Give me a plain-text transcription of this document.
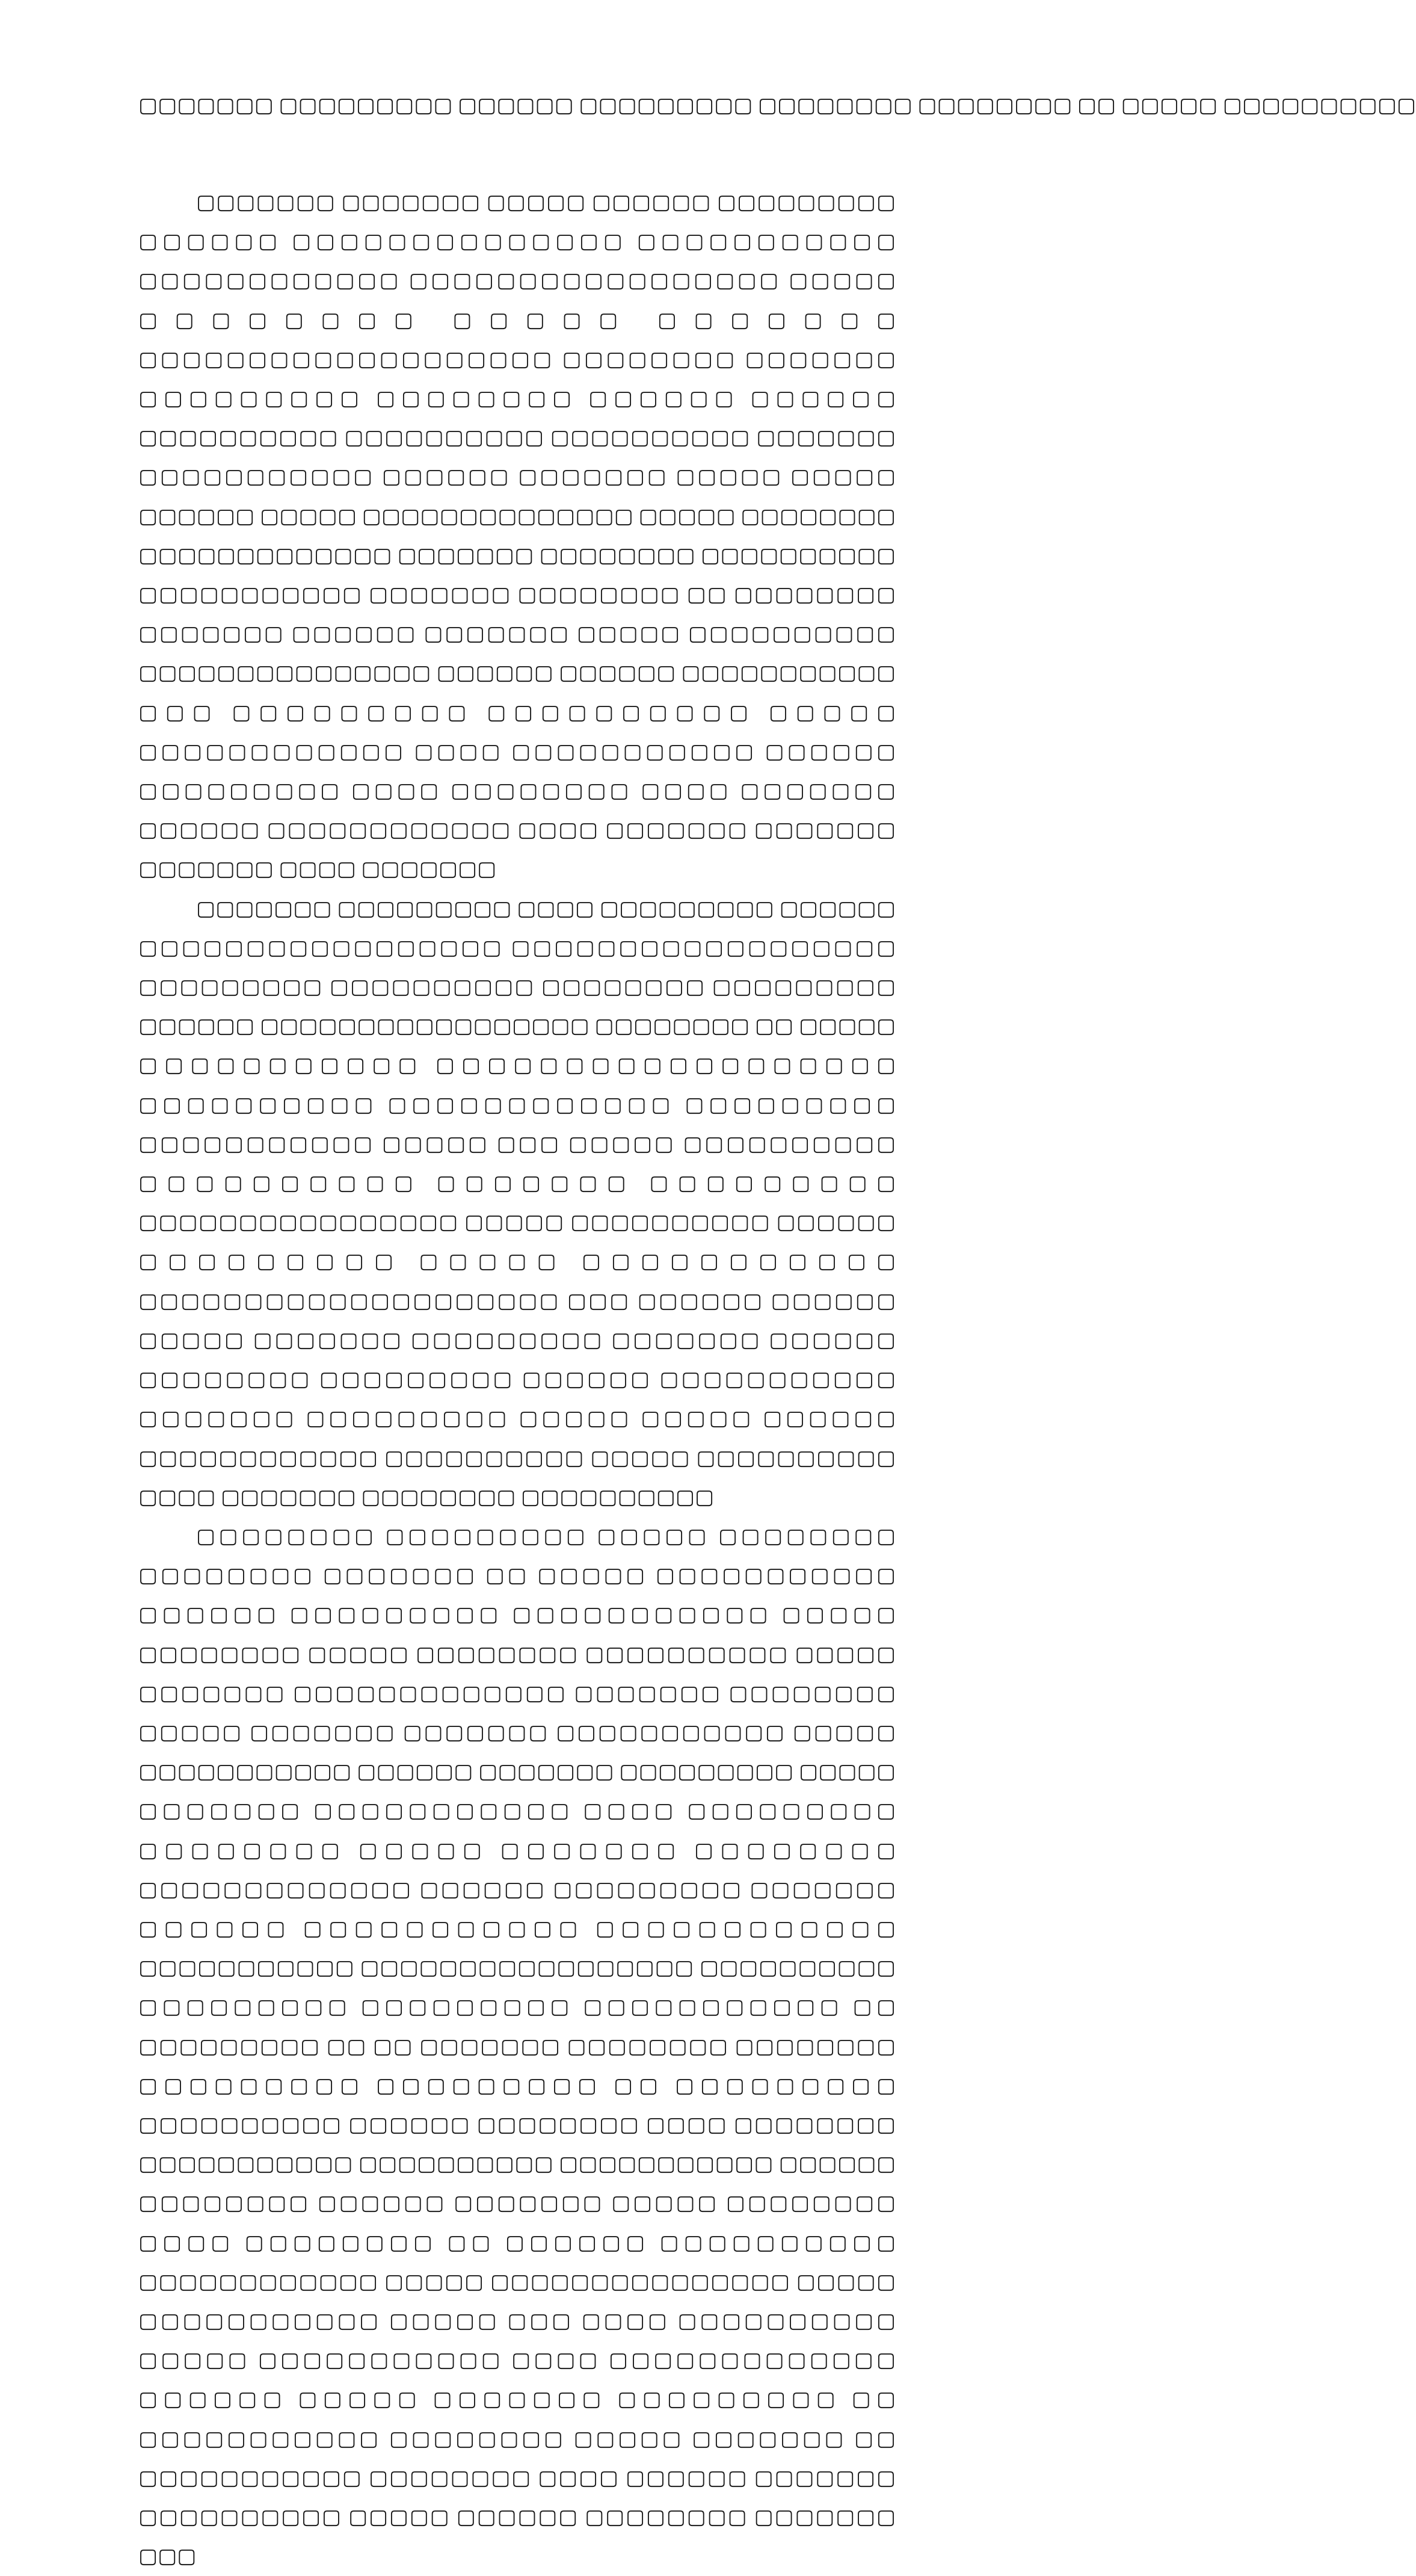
▢▢▢▢▢▢▢ ▢▢▢▢▢▢▢▢▢ ▢▢▢▢▢▢ ▢▢▢▢▢▢▢▢▢ ▢▢▢▢▢▢▢▢ ▢▢▢▢▢▢▢▢ ▢▢ ▢▢▢▢▢ ▢▢▢▢▢▢▢▢▢▢

▢▢▢▢▢▢▢ ▢▢▢▢▢▢▢ ▢▢▢▢▢ ▢▢▢▢▢▢ ▢▢▢▢▢▢▢▢▢ ▢▢▢▢▢▢ ▢▢▢▢▢▢▢▢▢▢▢▢▢▢ ▢▢▢▢▢▢▢▢▢▢▢ ▢▢▢▢▢▢▢▢▢▢▢▢ ▢▢▢▢▢▢▢▢▢▢▢▢▢▢▢▢▢ ▢▢▢▢▢ ▢▢▢▢▢▢▢▢ ▢▢▢▢▢ ▢▢▢▢▢▢▢ ▢▢▢▢▢▢▢▢▢▢▢▢▢▢▢▢▢▢▢ ▢▢▢▢▢▢▢▢ ▢▢▢▢▢▢▢ ▢▢▢▢▢▢▢▢▢ ▢▢▢▢▢▢▢▢ ▢▢▢▢▢▢ ▢▢▢▢▢▢ ▢▢▢▢▢▢▢▢▢▢ ▢▢▢▢▢▢▢▢▢▢ ▢▢▢▢▢▢▢▢▢▢ ▢▢▢▢▢▢▢ ▢▢▢▢▢▢▢▢▢▢▢ ▢▢▢▢▢▢ ▢▢▢▢▢▢▢ ▢▢▢▢▢ ▢▢▢▢▢ ▢▢▢▢▢▢ ▢▢▢▢▢ ▢▢▢▢▢▢▢▢▢▢▢▢▢▢ ▢▢▢▢▢ ▢▢▢▢▢▢▢▢ ▢▢▢▢▢▢▢▢▢▢▢▢▢ ▢▢▢▢▢▢▢ ▢▢▢▢▢▢▢▢ ▢▢▢▢▢▢▢▢▢▢ ▢▢▢▢▢▢▢▢▢▢▢ ▢▢▢▢▢▢▢ ▢▢▢▢▢▢▢▢ ▢▢ ▢▢▢▢▢▢▢▢ ▢▢▢▢▢▢▢ ▢▢▢▢▢▢ ▢▢▢▢▢▢▢ ▢▢▢▢▢ ▢▢▢▢▢▢▢▢▢▢ ▢▢▢▢▢▢▢▢▢▢▢▢▢▢▢ ▢▢▢▢▢▢ ▢▢▢▢▢▢ ▢▢▢▢▢▢▢▢▢▢▢ ▢▢▢ ▢▢▢▢▢▢▢▢▢ ▢▢▢▢▢▢▢▢▢▢ ▢▢▢▢▢ ▢▢▢▢▢▢▢▢▢▢▢▢ ▢▢▢▢ ▢▢▢▢▢▢▢▢▢▢▢ ▢▢▢▢▢▢ ▢▢▢▢▢▢▢▢▢ ▢▢▢▢ ▢▢▢▢▢▢▢▢ ▢▢▢▢ ▢▢▢▢▢▢▢ ▢▢▢▢▢▢ ▢▢▢▢▢▢▢▢▢▢▢▢ ▢▢▢▢ ▢▢▢▢▢▢▢ ▢▢▢▢▢▢▢ ▢▢▢▢▢▢▢ ▢▢▢▢ ▢▢▢▢▢▢▢

▢▢▢▢▢▢▢ ▢▢▢▢▢▢▢▢▢ ▢▢▢▢ ▢▢▢▢▢▢▢▢▢ ▢▢▢▢▢▢ ▢▢▢▢▢▢▢▢▢▢▢▢▢▢▢▢▢ ▢▢▢▢▢▢▢▢▢▢▢▢▢▢▢▢▢▢ ▢▢▢▢▢▢▢▢▢ ▢▢▢▢▢▢▢▢▢▢ ▢▢▢▢▢▢▢▢ ▢▢▢▢▢▢▢▢▢ ▢▢▢▢▢▢ ▢▢▢▢▢▢▢▢▢▢▢▢▢▢▢▢▢ ▢▢▢▢▢▢▢▢ ▢▢ ▢▢▢▢▢ ▢▢▢▢▢▢▢▢▢▢▢ ▢▢▢▢▢▢▢▢▢▢▢▢▢▢▢▢▢▢ ▢▢▢▢▢▢▢▢▢▢ ▢▢▢▢▢▢▢▢▢▢▢▢ ▢▢▢▢▢▢▢▢▢ ▢▢▢▢▢▢▢▢▢▢▢ ▢▢▢▢▢ ▢▢▢ ▢▢▢▢▢ ▢▢▢▢▢▢▢▢▢▢ ▢▢▢▢▢▢▢▢▢▢ ▢▢▢▢▢▢▢ ▢▢▢▢▢▢▢▢▢ ▢▢▢▢▢▢▢▢▢▢▢▢▢▢▢▢ ▢▢▢▢▢ ▢▢▢▢▢▢▢▢▢▢ ▢▢▢▢▢▢ ▢▢▢▢▢▢▢▢▢ ▢▢▢▢▢ ▢▢▢▢▢▢▢▢▢▢▢ ▢▢▢▢▢▢▢▢▢▢▢▢▢▢▢▢▢▢▢▢ ▢▢▢ ▢▢▢▢▢▢ ▢▢▢▢▢▢ ▢▢▢▢▢ ▢▢▢▢▢▢▢ ▢▢▢▢▢▢▢▢▢ ▢▢▢▢▢▢▢ ▢▢▢▢▢▢ ▢▢▢▢▢▢▢▢ ▢▢▢▢▢▢▢▢▢ ▢▢▢▢▢▢ ▢▢▢▢▢▢▢▢▢▢▢ ▢▢▢▢▢▢▢ ▢▢▢▢▢▢▢▢▢ ▢▢▢▢▢ ▢▢▢▢▢ ▢▢▢▢▢▢ ▢▢▢▢▢▢▢▢▢▢▢▢ ▢▢▢▢▢▢▢▢▢▢ ▢▢▢▢▢ ▢▢▢▢▢▢▢▢▢▢ ▢▢▢▢ ▢▢▢▢▢▢▢ ▢▢▢▢▢▢▢▢ ▢▢▢▢▢▢▢▢▢▢

▢▢▢▢▢▢▢▢ ▢▢▢▢▢▢▢▢▢ ▢▢▢▢▢ ▢▢▢▢▢▢▢▢ ▢▢▢▢▢▢▢▢ ▢▢▢▢▢▢▢ ▢▢ ▢▢▢▢▢ ▢▢▢▢▢▢▢▢▢▢▢ ▢▢▢▢▢▢ ▢▢▢▢▢▢▢▢▢ ▢▢▢▢▢▢▢▢▢▢▢ ▢▢▢▢▢ ▢▢▢▢▢▢▢▢ ▢▢▢▢▢ ▢▢▢▢▢▢▢▢ ▢▢▢▢▢▢▢▢▢▢ ▢▢▢▢▢ ▢▢▢▢▢▢▢ ▢▢▢▢▢▢▢▢▢▢▢▢▢ ▢▢▢▢▢▢▢ ▢▢▢▢▢▢▢▢ ▢▢▢▢▢ ▢▢▢▢▢▢▢ ▢▢▢▢▢▢▢ ▢▢▢▢▢▢▢▢▢▢▢ ▢▢▢▢▢ ▢▢▢▢▢▢▢▢▢▢▢ ▢▢▢▢▢▢ ▢▢▢▢▢▢▢ ▢▢▢▢▢▢▢▢▢ ▢▢▢▢▢ ▢▢▢▢▢▢▢ ▢▢▢▢▢▢▢▢▢▢▢ ▢▢▢▢ ▢▢▢▢▢▢▢▢▢ ▢▢▢▢▢▢▢▢ ▢▢▢▢▢ ▢▢▢▢▢▢▢ ▢▢▢▢▢▢▢▢ ▢▢▢▢▢▢▢▢▢▢▢▢▢ ▢▢▢▢▢▢ ▢▢▢▢▢▢▢▢▢ ▢▢▢▢▢▢▢ ▢▢▢▢▢▢ ▢▢▢▢▢▢▢▢▢▢▢ ▢▢▢▢▢▢▢▢▢▢▢▢ ▢▢▢▢▢▢▢▢▢▢▢ ▢▢▢▢▢▢▢▢▢▢▢▢▢▢▢▢▢ ▢▢▢▢▢▢▢▢▢▢ ▢▢▢▢▢▢▢▢▢ ▢▢▢▢▢▢▢▢▢ ▢▢▢▢▢▢▢▢▢▢▢ ▢▢ ▢▢▢▢▢▢▢▢▢ ▢▢ ▢▢ ▢▢▢▢▢▢▢ ▢▢▢▢▢▢▢▢ ▢▢▢▢▢▢▢▢ ▢▢▢▢▢▢▢▢▢ ▢▢▢▢▢▢▢▢▢ ▢▢ ▢▢▢▢▢▢▢▢▢ ▢▢▢▢▢▢▢▢▢▢ ▢▢▢▢▢▢ ▢▢▢▢▢▢▢▢ ▢▢▢▢ ▢▢▢▢▢▢▢▢ ▢▢▢▢▢▢▢▢▢▢▢ ▢▢▢▢▢▢▢▢▢▢ ▢▢▢▢▢▢▢▢▢▢▢ ▢▢▢▢▢▢ ▢▢▢▢▢▢▢▢ ▢▢▢▢▢▢ ▢▢▢▢▢▢▢ ▢▢▢▢▢ ▢▢▢▢▢▢▢▢ ▢▢▢▢ ▢▢▢▢▢▢▢▢ ▢▢ ▢▢▢▢▢▢ ▢▢▢▢▢▢▢▢▢▢ ▢▢▢▢▢▢▢▢▢▢▢▢ ▢▢▢▢▢ ▢▢▢▢▢▢▢▢▢▢▢▢▢▢▢ ▢▢▢▢▢ ▢▢▢▢▢▢▢▢▢▢▢ ▢▢▢▢▢ ▢▢▢ ▢▢▢▢ ▢▢▢▢▢▢▢▢▢▢ ▢▢▢▢▢ ▢▢▢▢▢▢▢▢▢▢▢ ▢▢▢▢ ▢▢▢▢▢▢▢▢▢▢▢▢▢ ▢▢▢▢▢▢ ▢▢▢▢▢ ▢▢▢▢▢▢▢ ▢▢▢▢▢▢▢▢▢ ▢▢ ▢▢▢▢▢▢▢▢▢▢▢ ▢▢▢▢▢▢▢▢ ▢▢▢▢▢ ▢▢▢▢▢▢▢ ▢▢ ▢▢▢▢▢▢▢▢▢▢▢ ▢▢▢▢▢▢▢▢ ▢▢▢▢ ▢▢▢▢▢▢ ▢▢▢▢▢▢▢ ▢▢▢▢▢▢▢▢▢▢ ▢▢▢▢▢ ▢▢▢▢▢▢ ▢▢▢▢▢▢▢▢ ▢▢▢▢▢▢▢ ▢▢▢
